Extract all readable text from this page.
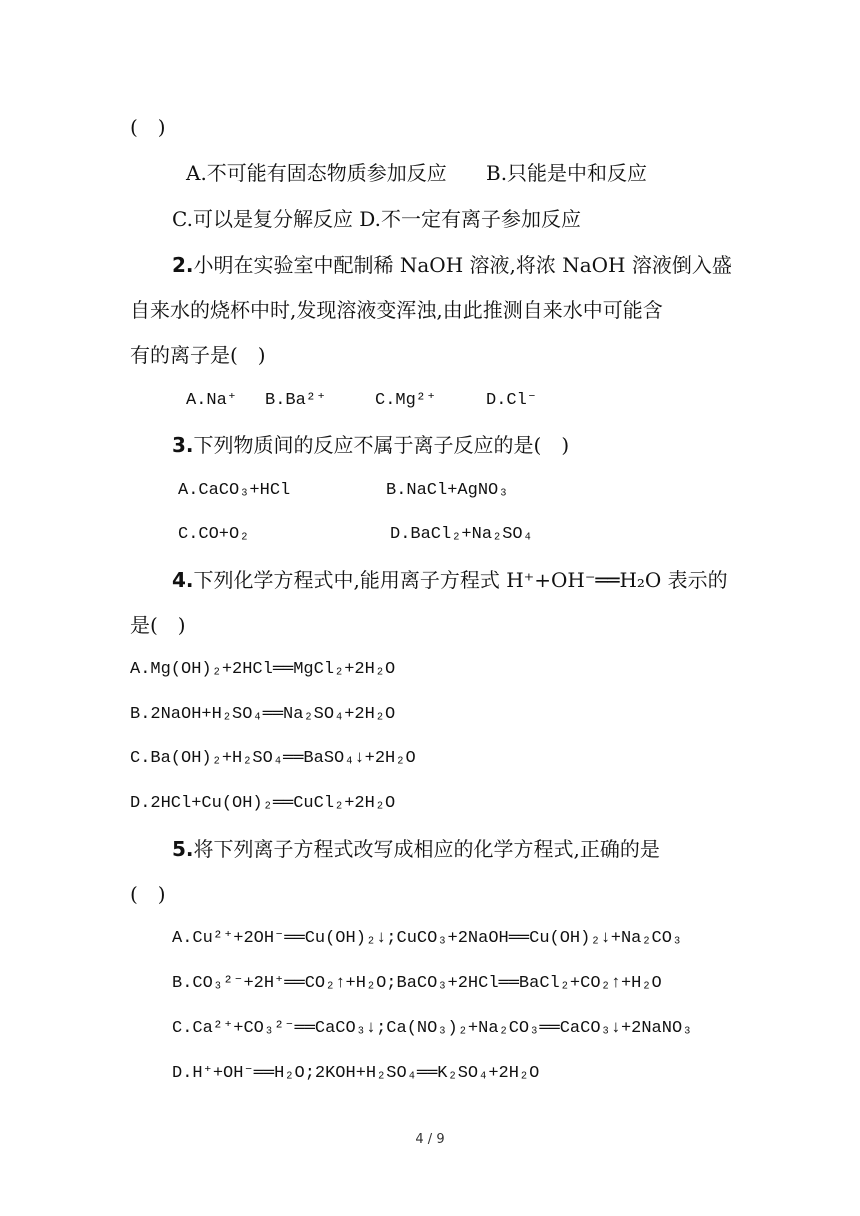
(　)
A.不可能有固态物质参加反应 B.只能是中和反应
C.可以是复分解反应 D.不一定有离子参加反应
2.小明在实验室中配制稀 NaOH 溶液,将浓 NaOH 溶液倒入盛
自来水的烧杯中时,发现溶液变浑浊,由此推测自来水中可能含
有的离子是(　)
A.Na⁺ B.Ba²⁺	C.Mg²⁺	D.Cl⁻
3.下列物质间的反应不属于离子反应的是(　)
A.CaCO₃+HCl	B.NaCl+AgNO₃
C.CO+O₂	D.BaCl₂+Na₂SO₄
4.下列化学方程式中,能用离子方程式 H⁺+OH⁻══H₂O 表示的
是(　)
A.Mg(OH)₂+2HCl══MgCl₂+2H₂O
B.2NaOH+H₂SO₄══Na₂SO₄+2H₂O
C.Ba(OH)₂+H₂SO₄══BaSO₄↓+2H₂O
D.2HCl+Cu(OH)₂══CuCl₂+2H₂O
5.将下列离子方程式改写成相应的化学方程式,正确的是
(　)
A.Cu²⁺+2OH⁻══Cu(OH)₂↓;CuCO₃+2NaOH══Cu(OH)₂↓+Na₂CO₃
B.CO₃²⁻+2H⁺══CO₂↑+H₂O;BaCO₃+2HCl══BaCl₂+CO₂↑+H₂O
C.Ca²⁺+CO₃²⁻══CaCO₃↓;Ca(NO₃)₂+Na₂CO₃══CaCO₃↓+2NaNO₃
D.H⁺+OH⁻══H₂O;2KOH+H₂SO₄══K₂SO₄+2H₂O
4 / 9
